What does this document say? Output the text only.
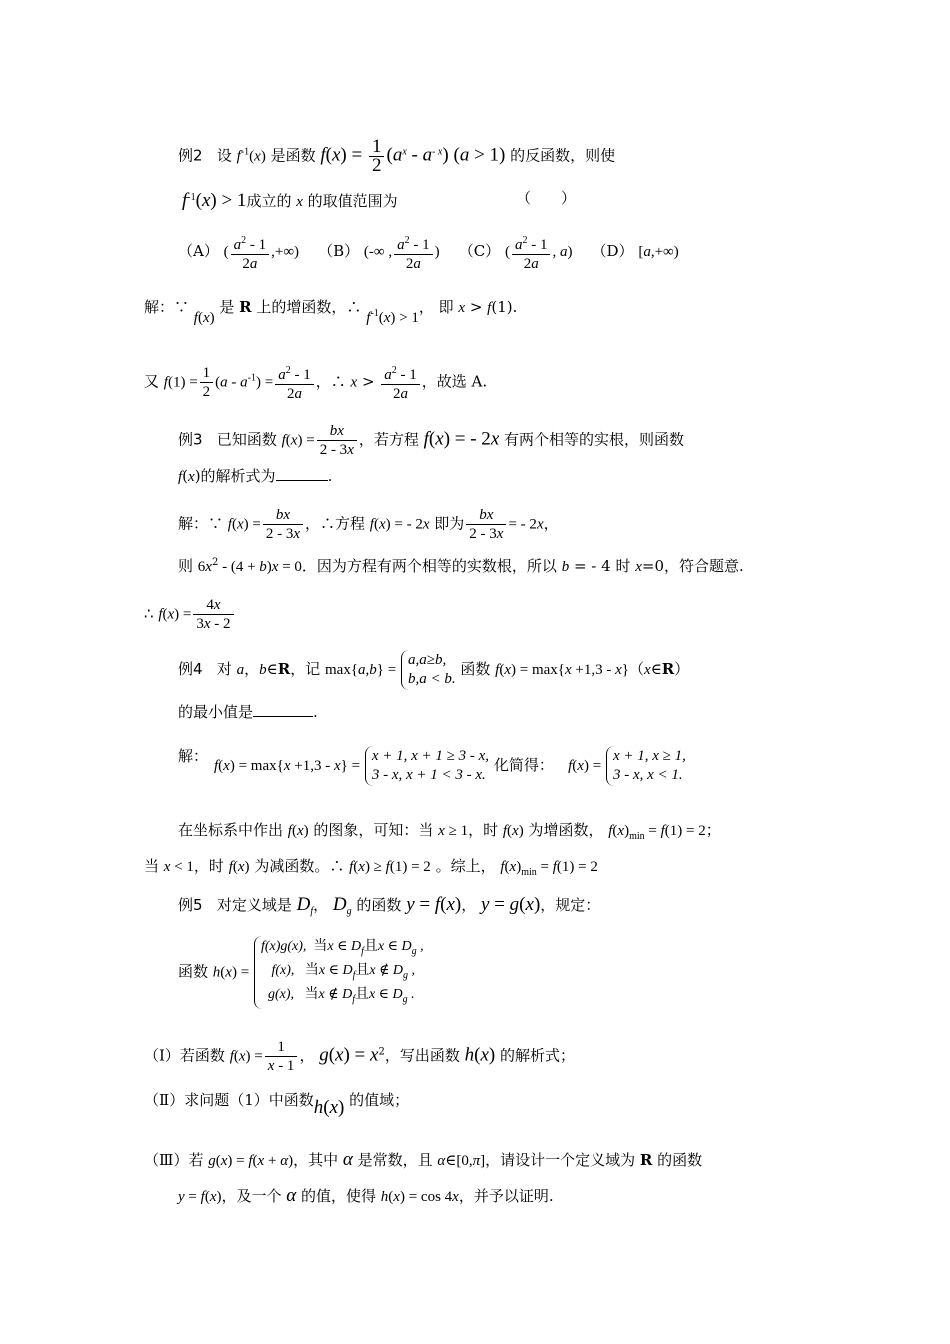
例2   设 $f^{-1}(x)$ 是函数 $f(x) = \frac{1}{2} (a^x - a^{- x}) (a > 1)$ 的反函数，则使
$f^{-1}(x) > 1$成立的 x 的取值范围为	（　　）
（A） ( $\frac{a^2 - 1}{2a}$ ,+∞) （B） (-∞ , $\frac{a^2 - 1}{2a}$ ) （C） ( $\frac{a^2 - 1}{2a}$ , a) （D） [a,+∞)
解：∵ f(x) 是 R 上的增函数，∴ $f^{-1}(x) > 1$， 即 x > f(1).
又 $f(1) = \frac{1}{2} (a - a^{-1}) = \frac{a^2 - 1}{2a}$ ，∴ $x > \frac{a^2 - 1}{2a}$ ，故选 A.
例3   已知函数 $f(x) = \frac{bx}{2 - 3x}$ ，若方程 f(x) = - 2x 有两个相等的实根，则函数
f(x)的解析式为	.
解：∵ $f(x) = \frac{bx}{2 - 3x}$ ，∴方程 f(x) = - 2x 即为 $\frac{bx}{2 - 3x}$ = - 2x，
则 $6x^2 - (4 + b)x = 0$．因为方程有两个相等的实数根，所以 b = - 4 时 x=0，符合题意.
∴ $f(x) = \frac{4x}{3x - 2}$
例4   对 a，b∈R，记 max{a,b} =
a,a≥b,
b,a < b.
函数 f(x) = max{x +1,3 - x}（x∈R）
的最小值是	.
解：
f(x) = max{x +1,3 - x} =
x + 1, x + 1 ≥ 3 - x,
3 - x, x + 1 < 3 - x.
化简得：   f(x) =
x + 1, x ≥ 1,
3 - x, x < 1.
在坐标系中作出 f(x) 的图象，可知：当 x ≥ 1，时 f(x) 为增函数， $f(x)_{min} = f(1) = 2$；
当 x < 1，时 f(x) 为减函数。∴ f(x) ≥ f(1) = 2 。综上， $f(x)_{min} = f(1) = 2$
例5   对定义域是 $D_f$， $D_g$ 的函数 y = f(x)， y = g(x)，规定：
函数 h(x) =
f(x)g(x),  当x ∈ $D_f$且x ∈ $D_g$ ,
f(x),   当x ∈ $D_f$且x ∉ $D_g$ ,
g(x),   当x ∉ $D_f$且x ∈ $D_g$ .
（Ⅰ）若函数 $f(x) = \frac{1}{x - 1}$ ， $g(x) = x^2$，写出函数 h(x) 的解析式；
（Ⅱ）求问题（1）中函数h(x) 的值域；
（Ⅲ）若 g(x) = f(x + α)，其中 α 是常数，且 α∈[0,π]，请设计一个定义域为 R 的函数
y = f(x)，及一个 α 的值，使得 h(x) = cos 4x，并予以证明.
